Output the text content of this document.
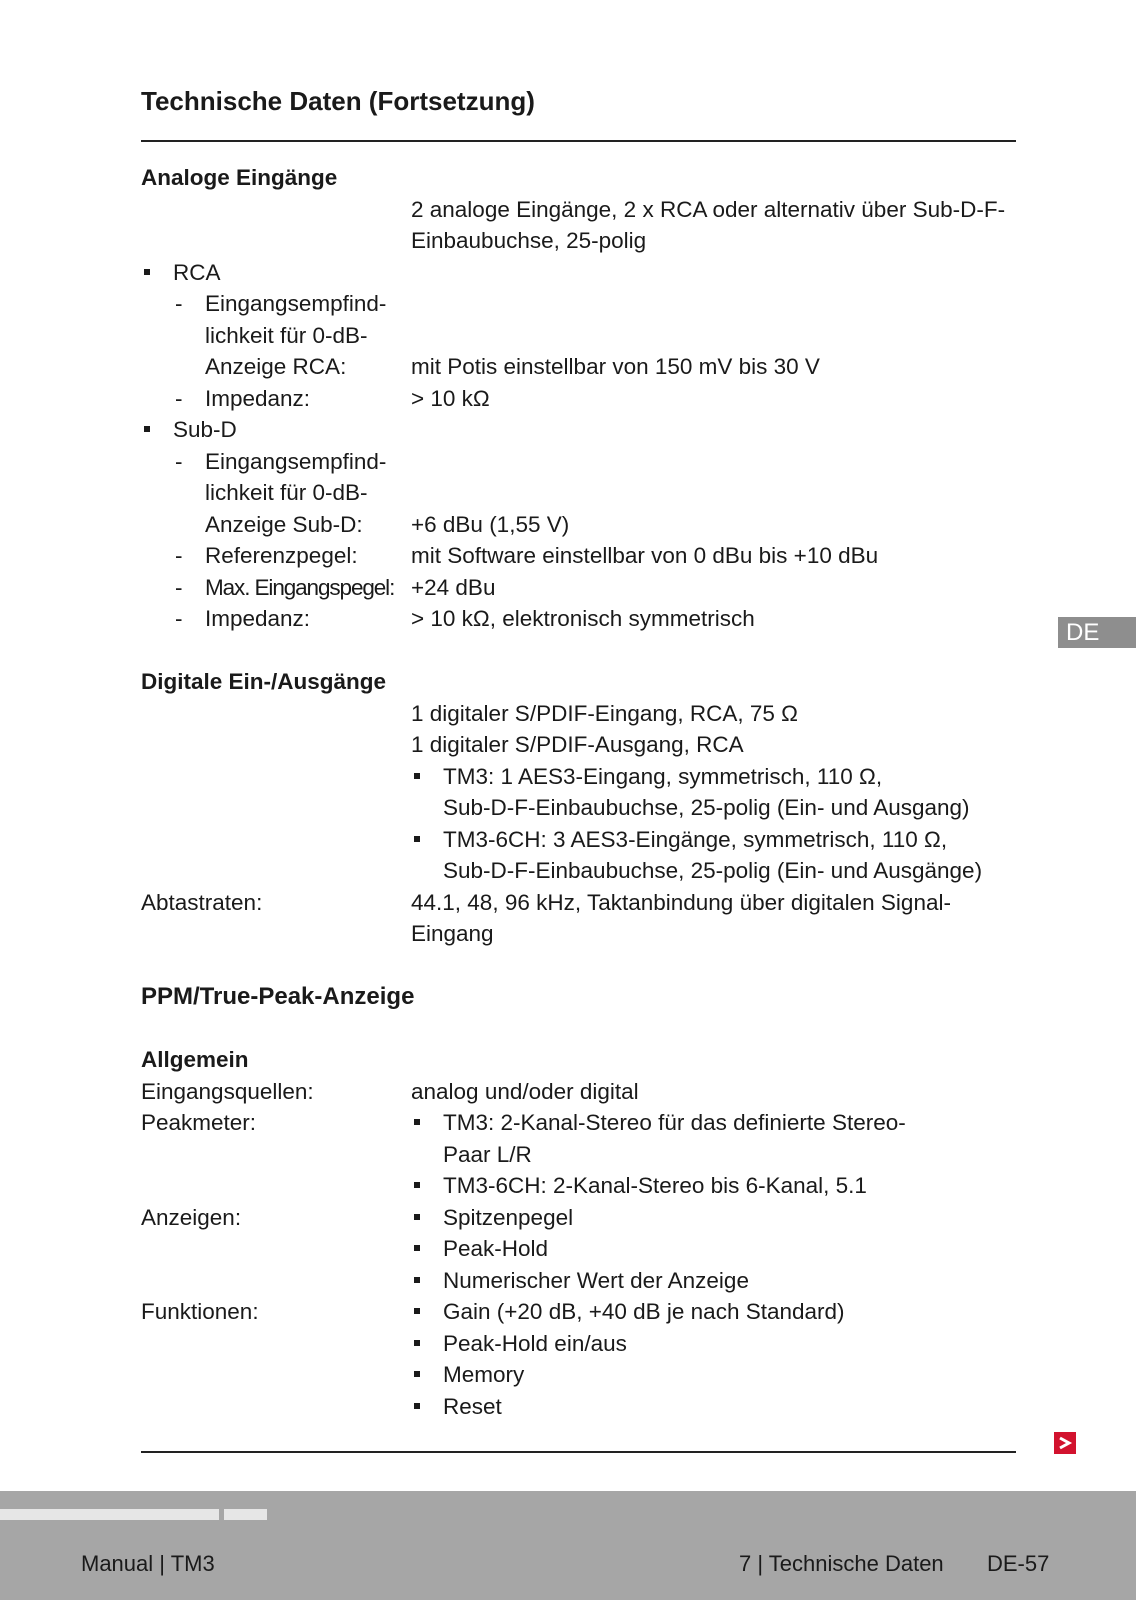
Technische Daten (Fortsetzung)
Analoge Eingänge
2 analoge Eingänge, 2 x RCA oder alternativ über Sub-D-F-
Einbaubuchse, 25-polig
RCA
- Eingangsempfind-
lichkeit für 0-dB-
Anzeige RCA:	mit Potis einstellbar von 150 mV bis 30 V
- Impedanz:	> 10 kΩ
Sub-D
- Eingangsempfind-
lichkeit für 0-dB-
Anzeige Sub-D:	+6 dBu (1,55 V)
- Referenzpegel:	mit Software einstellbar von 0 dBu bis +10 dBu
- Max. Eingangspegel: +24 dBu
- Impedanz:	> 10 kΩ, elektronisch symmetrisch
Digitale Ein-/Ausgänge
1 digitaler S/PDIF-Eingang, RCA, 75 Ω
1 digitaler S/PDIF-Ausgang, RCA
TM3: 1 AES3-Eingang, symmetrisch, 110 Ω,
Sub-D-F-Einbaubuchse, 25-polig (Ein- und Ausgang)
TM3-6CH: 3 AES3-Eingänge, symmetrisch, 110 Ω,
Sub-D-F-Einbaubuchse, 25-polig (Ein- und Ausgänge)
Abtastraten:	44.1, 48, 96 kHz, Taktanbindung über digitalen Signal-
Eingang
PPM/True-Peak-Anzeige
Allgemein
Eingangsquellen:	analog und/oder digital
Peakmeter:	TM3: 2-Kanal-Stereo für das definierte Stereo-
Paar L/R
TM3-6CH: 2-Kanal-Stereo bis 6-Kanal, 5.1
Anzeigen:	Spitzenpegel
Peak-Hold
Numerischer Wert der Anzeige
Funktionen:	Gain (+20 dB, +40 dB je nach Standard)
Peak-Hold ein/aus
Memory
Reset
DE
Manual | TM3	7 | Technische Daten DE-57
